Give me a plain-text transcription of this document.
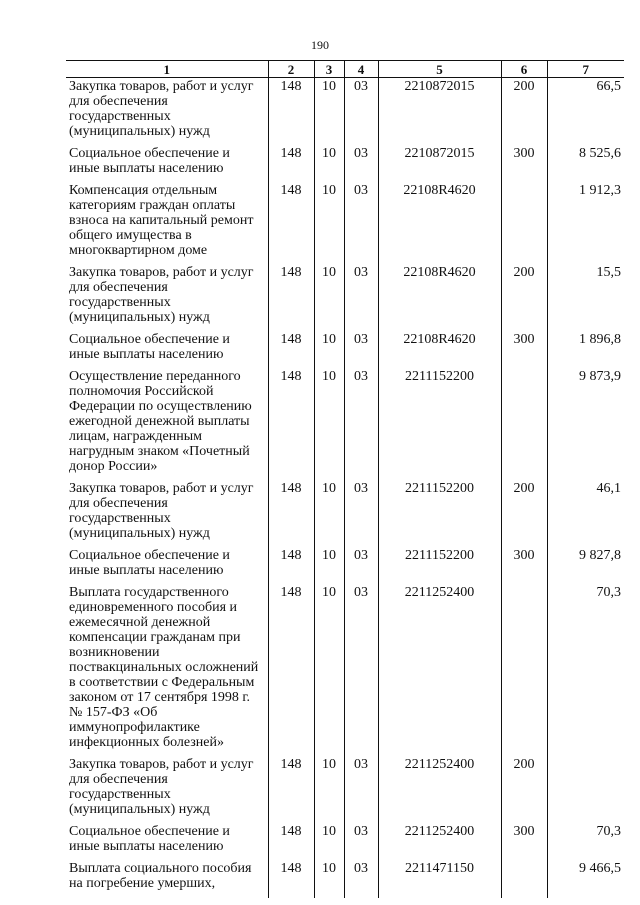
190
1	2	3	4	5	6	7
Закупка товаров, работ и услуг для обеспечения государственных (муниципальных) нужд	148	10	03	2210872015	200	66,5
Социальное обеспечение и иные выплаты населению	148	10	03	2210872015	300	8 525,6
Компенсация отдельным категориям граждан оплаты взноса на капитальный ремонт общего имущества в многоквартирном доме	148	10	03	22108R4620		1 912,3
Закупка товаров, работ и услуг для обеспечения государственных (муниципальных) нужд	148	10	03	22108R4620	200	15,5
Социальное обеспечение и иные выплаты населению	148	10	03	22108R4620	300	1 896,8
Осуществление переданного полномочия Российской Федерации по осуществлению ежегодной денежной выплаты лицам, награжденным нагрудным знаком «Почетный донор России»	148	10	03	2211152200		9 873,9
Закупка товаров, работ и услуг для обеспечения государственных (муниципальных) нужд	148	10	03	2211152200	200	46,1
Социальное обеспечение и иные выплаты населению	148	10	03	2211152200	300	9 827,8
Выплата государственного единовременного пособия и ежемесячной денежной компенсации гражданам при возникновении поствакцинальных осложнений в соответствии с Федеральным законом от 17 сентября 1998 г. № 157-ФЗ «Об иммунопрофилактике инфекционных болезней»	148	10	03	2211252400		70,3
Закупка товаров, работ и услуг для обеспечения государственных (муниципальных) нужд	148	10	03	2211252400	200	
Социальное обеспечение и иные выплаты населению	148	10	03	2211252400	300	70,3
Выплата социального пособия на погребение умерших,	148	10	03	2211471150		9 466,5
